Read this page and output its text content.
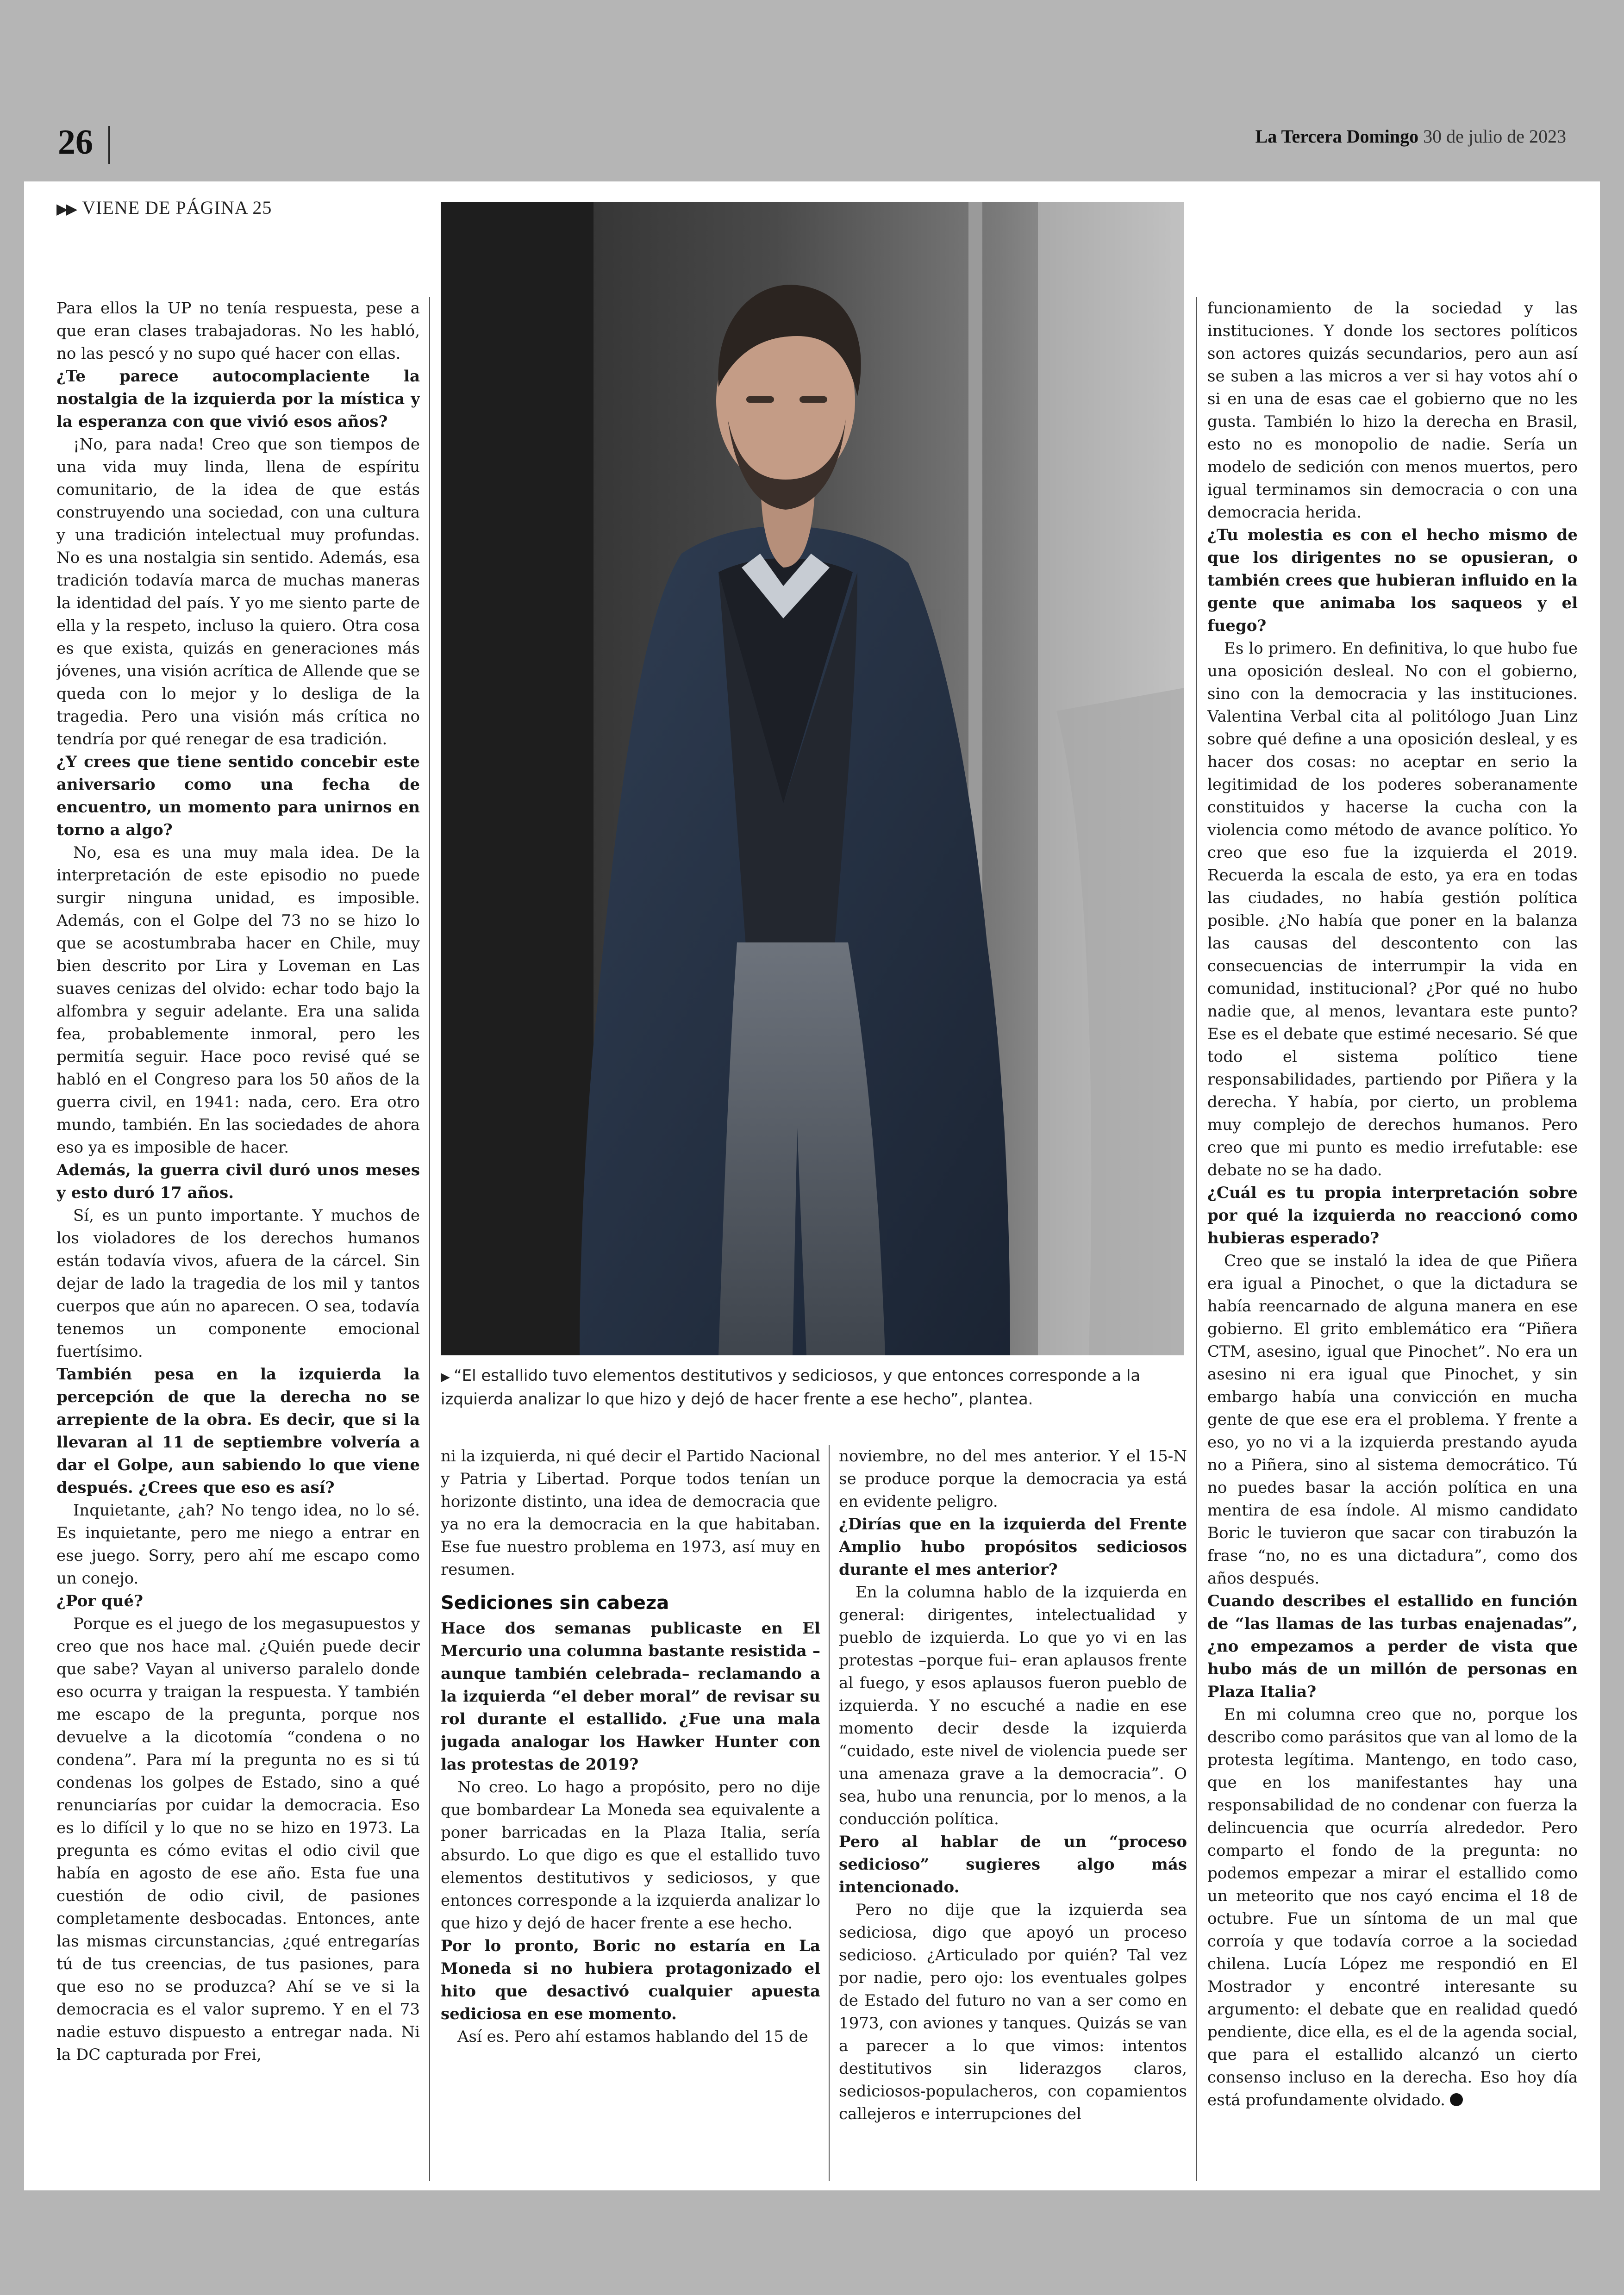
26	La Tercera Domingo 30 de julio de 2023
▶▶ VIENE DE PÁGINA 25
▶ “El estallido tuvo elementos destitutivos y sediciosos, y que entonces corresponde a la izquierda analizar lo que hizo y dejó de hacer frente a ese hecho”, plantea.

Para ellos la UP no tenía respuesta, pese a que eran clases trabajadoras. No les habló, no las pescó y no supo qué hacer con ellas.

¿Te parece autocomplaciente la nostalgia de la izquierda por la mística y la esperanza con que vivió esos años?

¡No, para nada! Creo que son tiempos de una vida muy linda, llena de espíritu comunitario, de la idea de que estás construyendo una sociedad, con una cultura y una tradición intelectual muy profundas. No es una nostalgia sin sentido. Además, esa tradición todavía marca de muchas maneras la identidad del país. Y yo me siento parte de ella y la respeto, incluso la quiero. Otra cosa es que exista, quizás en generaciones más jóvenes, una visión acrítica de Allende que se queda con lo mejor y lo desliga de la tragedia. Pero una visión más crítica no tendría por qué renegar de esa tradición.

¿Y crees que tiene sentido concebir este aniversario como una fecha de encuentro, un momento para unirnos en torno a algo?

No, esa es una muy mala idea. De la interpretación de este episodio no puede surgir ninguna unidad, es imposible. Además, con el Golpe del 73 no se hizo lo que se acostumbraba hacer en Chile, muy bien descrito por Lira y Loveman en Las suaves cenizas del olvido: echar todo bajo la alfombra y seguir adelante. Era una salida fea, probablemente inmoral, pero les permitía seguir. Hace poco revisé qué se habló en el Congreso para los 50 años de la guerra civil, en 1941: nada, cero. Era otro mundo, también. En las sociedades de ahora eso ya es imposible de hacer.

Además, la guerra civil duró unos meses y esto duró 17 años.

Sí, es un punto importante. Y muchos de los violadores de los derechos humanos están todavía vivos, afuera de la cárcel. Sin dejar de lado la tragedia de los mil y tantos cuerpos que aún no aparecen. O sea, todavía tenemos un componente emocional fuertísimo.

También pesa en la izquierda la percepción de que la derecha no se arrepiente de la obra. Es decir, que si la llevaran al 11 de septiembre volvería a dar el Golpe, aun sabiendo lo que viene después. ¿Crees que eso es así?

Inquietante, ¿ah? No tengo idea, no lo sé. Es inquietante, pero me niego a entrar en ese juego. Sorry, pero ahí me escapo como un conejo.

¿Por qué?

Porque es el juego de los megasupuestos y creo que nos hace mal. ¿Quién puede decir que sabe? Vayan al universo paralelo donde eso ocurra y traigan la respuesta. Y también me escapo de la pregunta, porque nos devuelve a la dicotomía “condena o no condena”. Para mí la pregunta no es si tú condenas los golpes de Estado, sino a qué renunciarías por cuidar la democracia. Eso es lo difícil y lo que no se hizo en 1973. La pregunta es cómo evitas el odio civil que había en agosto de ese año. Esta fue una cuestión de odio civil, de pasiones completamente desbocadas. Entonces, ante las mismas circunstancias, ¿qué entregarías tú de tus creencias, de tus pasiones, para que eso no se produzca? Ahí se ve si la democracia es el valor supremo. Y en el 73 nadie estuvo dispuesto a entregar nada. Ni la DC capturada por Frei,

ni la izquierda, ni qué decir el Partido Nacional y Patria y Libertad. Porque todos tenían un horizonte distinto, una idea de democracia que ya no era la democracia en la que habitaban. Ese fue nuestro problema en 1973, así muy en resumen.

Sediciones sin cabeza

Hace dos semanas publicaste en El Mercurio una columna bastante resistida –aunque también celebrada– reclamando a la izquierda “el deber moral” de revisar su rol durante el estallido. ¿Fue una mala jugada analogar los Hawker Hunter con las protestas de 2019?

No creo. Lo hago a propósito, pero no dije que bombardear La Moneda sea equivalente a poner barricadas en la Plaza Italia, sería absurdo. Lo que digo es que el estallido tuvo elementos destitutivos y sediciosos, y que entonces corresponde a la izquierda analizar lo que hizo y dejó de hacer frente a ese hecho.

Por lo pronto, Boric no estaría en La Moneda si no hubiera protagonizado el hito que desactivó cualquier apuesta sediciosa en ese momento.

Así es. Pero ahí estamos hablando del 15 de

noviembre, no del mes anterior. Y el 15-N se produce porque la democracia ya está en evidente peligro.

¿Dirías que en la izquierda del Frente Amplio hubo propósitos sediciosos durante el mes anterior?

En la columna hablo de la izquierda en general: dirigentes, intelectualidad y pueblo de izquierda. Lo que yo vi en las protestas –porque fui– eran aplausos frente al fuego, y esos aplausos fueron pueblo de izquierda. Y no escuché a nadie en ese momento decir desde la izquierda “cuidado, este nivel de violencia puede ser una amenaza grave a la democracia”. O sea, hubo una renuncia, por lo menos, a la conducción política.

Pero al hablar de un “proceso sedicioso” sugieres algo más intencionado.

Pero no dije que la izquierda sea sediciosa, digo que apoyó un proceso sedicioso. ¿Articulado por quién? Tal vez por nadie, pero ojo: los eventuales golpes de Estado del futuro no van a ser como en 1973, con aviones y tanques. Quizás se van a parecer a lo que vimos: intentos destitutivos sin liderazgos claros, sediciosos-populacheros, con copamientos callejeros e interrupciones del

funcionamiento de la sociedad y las instituciones. Y donde los sectores políticos son actores quizás secundarios, pero aun así se suben a las micros a ver si hay votos ahí o si en una de esas cae el gobierno que no les gusta. También lo hizo la derecha en Brasil, esto no es monopolio de nadie. Sería un modelo de sedición con menos muertos, pero igual terminamos sin democracia o con una democracia herida.

¿Tu molestia es con el hecho mismo de que los dirigentes no se opusieran, o también crees que hubieran influido en la gente que animaba los saqueos y el fuego?

Es lo primero. En definitiva, lo que hubo fue una oposición desleal. No con el gobierno, sino con la democracia y las instituciones. Valentina Verbal cita al politólogo Juan Linz sobre qué define a una oposición desleal, y es hacer dos cosas: no aceptar en serio la legitimidad de los poderes soberanamente constituidos y hacerse la cucha con la violencia como método de avance político. Yo creo que eso fue la izquierda el 2019. Recuerda la escala de esto, ya era en todas las ciudades, no había gestión política posible. ¿No había que poner en la balanza las causas del descontento con las consecuencias de interrumpir la vida en comunidad, institucional? ¿Por qué no hubo nadie que, al menos, levantara este punto? Ese es el debate que estimé necesario. Sé que todo el sistema político tiene responsabilidades, partiendo por Piñera y la derecha. Y había, por cierto, un problema muy complejo de derechos humanos. Pero creo que mi punto es medio irrefutable: ese debate no se ha dado.

¿Cuál es tu propia interpretación sobre por qué la izquierda no reaccionó como hubieras esperado?

Creo que se instaló la idea de que Piñera era igual a Pinochet, o que la dictadura se había reencarnado de alguna manera en ese gobierno. El grito emblemático era “Piñera CTM, asesino, igual que Pinochet”. No era un asesino ni era igual que Pinochet, y sin embargo había una convicción en mucha gente de que ese era el problema. Y frente a eso, yo no vi a la izquierda prestando ayuda no a Piñera, sino al sistema democrático. Tú no puedes basar la acción política en una mentira de esa índole. Al mismo candidato Boric le tuvieron que sacar con tirabuzón la frase “no, no es una dictadura”, como dos años después.

Cuando describes el estallido en función de “las llamas de las turbas enajenadas”, ¿no empezamos a perder de vista que hubo más de un millón de personas en Plaza Italia?

En mi columna creo que no, porque los describo como parásitos que van al lomo de la protesta legítima. Mantengo, en todo caso, que en los manifestantes hay una responsabilidad de no condenar con fuerza la delincuencia que ocurría alrededor. Pero comparto el fondo de la pregunta: no podemos empezar a mirar el estallido como un meteorito que nos cayó encima el 18 de octubre. Fue un síntoma de un mal que corroía y que todavía corroe a la sociedad chilena. Lucía López me respondió en El Mostrador y encontré interesante su argumento: el debate que en realidad quedó pendiente, dice ella, es el de la agenda social, que para el estallido alcanzó un cierto consenso incluso en la derecha. Eso hoy día está profundamente olvidado.
